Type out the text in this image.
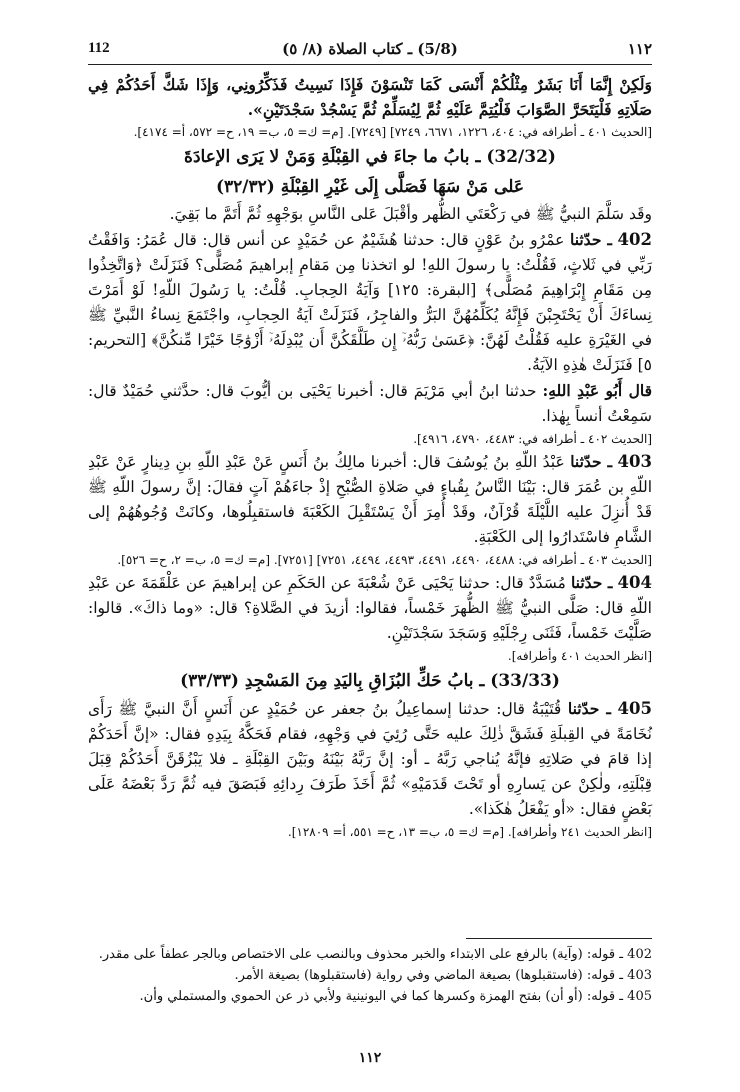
112	(5/8) ـ كتاب الصلاة (٨/ ٥)	١١٢

وَلَكِنْ إِنَّمَا أَنَا بَشَرٌ مِثْلُكُمْ أَنْسَى كَمَا تَنْسَوْنَ فَإِذَا نَسِيتُ فَذَكِّرُونِي، وَإِذَا شَكَّ أَحَدُكُمْ فِي صَلَاتِهِ فَلْيَتَحَرَّ الصَّوَابَ فَلْيُتِمَّ عَلَيْهِ ثُمَّ لِيُسَلِّمْ ثُمَّ يَسْجُدْ سَجْدَتَيْنِ».

[الحديث ٤٠١ ـ أطرافه في: ٤٠٤، ١٢٢٦، ٦٦٧١، ٧٢٤٩] [٧٢٤٩]. [م= ك= ٥، ب= ١٩، ح= ٥٧٢، أ= ٤١٧٤].

(32/32) ـ بابُ ما جاءَ في القِبْلَةِ وَمَنْ لا يَرَى الإعادَةَ

عَلى مَنْ سَهَا فَصَلَّى إِلَى غَيْرِ القِبْلَةِ (٣٢/٣٢)

وقَد سَلَّمَ النبيُّ ﷺ في رَكْعَتَي الظُّهر وأقْبَلَ عَلى النَّاسِ بوَجْهِهِ ثُمَّ أَتَمَّ ما بَقِيَ.

402 ـ حدّثنا عمْرُو بنُ عَوْنٍ قال: حدثنا هُشَيْمٌ عن حُمَيْدٍ عن أنس قال: قال عُمَرُ: وَافَقْتُ رَبِّي في ثَلاثٍ، فَقُلْتُ: يا رسولَ اللهِ! لو اتخذنا مِن مَقامِ إبراهيمَ مُصَلًّى؟ فَنَزَلَتْ ﴿وَاتَّخِذُوا مِن مَقَامِ إِبْرَاهِيمَ مُصَلًّى﴾ [البقرة: ١٢٥] وَآيَةُ الحِجابِ. قُلْتُ: يا رَسُولَ اللّهِ! لَوْ أَمَرْتَ نِساءَكَ أَنْ يَحْتَجِبْنَ فَإِنَّهُ يُكَلِّمُهُنَّ البَرُّ والفاجِرُ، فَنَزَلَتْ آيَةُ الحِجابِ، واجْتَمَعَ نِساءُ النَّبيِّ ﷺ في الغَيْرَةِ عليه فَقُلْتُ لَهُنَّ: ﴿عَسَىٰ رَبُّهُۥٓ إِن طَلَّقَكُنَّ أَن يُبْدِلَهُۥٓ أَزْوَٰجًا خَيْرًا مِّنكُنَّ﴾ [التحريم: ٥] فَنَزَلَتْ هٰذِهِ الآيَةُ.

قال أَبُو عَبْدِ اللهِ: حدثنا ابنُ أبي مَرْيَمَ قال: أخبرنا يَحْيَى بن أيُّوبَ قال: حدَّثني حُمَيْدٌ قال: سَمِعْتُ أنساً بِهٰذا.

[الحديث ٤٠٢ ـ أطرافه في: ٤٤٨٣، ٤٧٩٠، ٤٩١٦].

403 ـ حدّثنا عَبْدُ اللّهِ بنُ يُوسُفَ قال: أخبرنا مالِكُ بنُ أَنَسٍ عَنْ عَبْدِ اللّهِ بنِ دِينارٍ عَنْ عَبْدِ اللّهِ بن عُمَرَ قال: بَيْنَا النَّاسُ بِقُباءٍ في صَلاةِ الصُّبْحِ إذْ جاءَهُمْ آتٍ فقالَ: إنَّ رسولَ اللّهِ ﷺ قَدْ أُنزِلَ عليه اللَّيْلَةَ قُرْآنٌ، وقَدْ أُمِرَ أَنْ يَسْتَقْبِلَ الكَعْبَةَ فاستقبِلُوها، وكانَتْ وُجُوهُهُمْ إلى الشَّامِ فاسْتَدارُوا إلى الكَعْبَةِ.

[الحديث ٤٠٣ ـ أطرافه في: ٤٤٨٨، ٤٤٩٠، ٤٤٩١، ٤٤٩٣، ٤٤٩٤، ٧٢٥١] [٧٢٥١]. [م= ك= ٥، ب= ٢، ح= ٥٢٦].

404 ـ حدّثنا مُسَدَّدٌ قال: حدثنا يَحْيَى عَنْ شُعْبَةَ عن الحَكَمِ عن إبراهيمَ عن عَلْقَمَةَ عن عَبْدِ اللّهِ قال: صَلَّى النبيُّ ﷺ الظُّهرَ خَمْساً، فقالوا: أزيدَ في الصَّلاةِ؟ قال: «وما ذاكَ». قالوا: صَلَّيْتَ خَمْساً، فَثَنَى رِجْلَيْهِ وَسَجَدَ سَجْدَتَيْنِ.

[انظر الحديث ٤٠١ وأطرافه].

(33/33) ـ بابُ حَكِّ البُزَاقِ بِاليَدِ مِنَ المَسْجِدِ (٣٣/٣٣)

405 ـ حدّثنا قُتَيْبَةُ قال: حدثنا إسماعِيلُ بنُ جعفر عن حُمَيْدٍ عن أَنَسٍ أَنَّ النبيَّ ﷺ رَأَى نُخَامَةً في القِبلَةِ فَشَقَّ ذٰلِكَ عليه حَتَّى رُئِيَ في وَجْهِهِ، فقام فَحَكَّهُ بِيَدِهِ فقال: «إنَّ أَحَدَكُمْ إذا قامَ في صَلاتِهِ فإنَّهُ يُناجي رَبَّهُ ـ أو: إنَّ رَبَّهُ بَيْنَهُ وبَيْنَ القِبْلَةِ ـ فلا يَبْزُقَنَّ أَحَدُكُمْ قِبَلَ قِبْلَتِهِ، ولٰكِنْ عن يَسارِهِ أو تَحْتَ قَدَمَيْهِ» ثُمَّ أَخَذَ طَرَفَ رِدائِهِ فَبَصَقَ فيه ثُمَّ رَدَّ بَعْضَهُ عَلَى بَعْضٍ فقال: «أو يَفْعَلُ هٰكَذا».

[انظر الحديث ٢٤١ وأطرافه]. [م= ك= ٥، ب= ١٣، ح= ٥٥١، أ= ١٢٨٠٩].

402 ـ قوله: (وآية) بالرفع على الابتداء والخبر محذوف وبالنصب على الاختصاص وبالجر عطفاً على مقدر.

403 ـ قوله: (فاستقبلوها) بصيغة الماضي وفي رواية (فاستقبلوها) بصيغة الأمر.

405 ـ قوله: (أو أن) بفتح الهمزة وكسرها كما في اليونينية ولأبي ذر عن الحموي والمستملي وأن.

١١٢
